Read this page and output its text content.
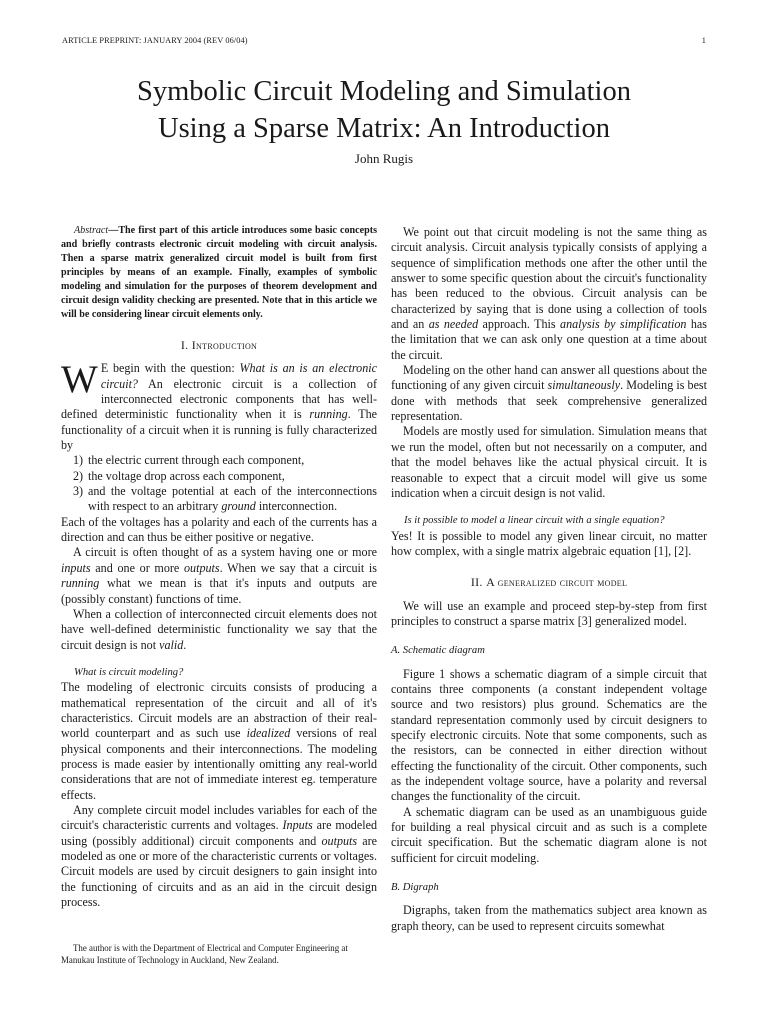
ARTICLE PREPRINT: JANUARY 2004 (REV 06/04)	1
Symbolic Circuit Modeling and Simulation
Using a Sparse Matrix: An Introduction
John Rugis

Abstract—The first part of this article introduces some basic concepts and briefly contrasts electronic circuit modeling with circuit analysis. Then a sparse matrix generalized circuit model is built from first principles by means of an example. Finally, examples of symbolic modeling and simulation for the purposes of theorem development and circuit design validity checking are presented. Note that in this article we will be considering linear circuit elements only.

I. Introduction

W E begin with the question: What is an is an electronic circuit? An electronic circuit is a collection of interconnected electronic components that has well-defined deterministic functionality when it is running. The functionality of a circuit when it is running is fully characterized by

1) the electric current through each component,
2) the voltage drop across each component,
3) and the voltage potential at each of the interconnections with respect to an arbitrary ground interconnection.

Each of the voltages has a polarity and each of the currents has a direction and can thus be either positive or negative.

A circuit is often thought of as a system having one or more inputs and one or more outputs. When we say that a circuit is running what we mean is that it's inputs and outputs are (possibly constant) functions of time.

When a collection of interconnected circuit elements does not have well-defined deterministic functionality we say that the circuit design is not valid.

What is circuit modeling?

The modeling of electronic circuits consists of producing a mathematical representation of the circuit and all of it's characteristics. Circuit models are an abstraction of their real-world counterpart and as such use idealized versions of real physical components and their interconnections. The modeling process is made easier by intentionally omitting any real-world considerations that are not of immediate interest eg. temperature effects.

Any complete circuit model includes variables for each of the circuit's characteristic currents and voltages. Inputs are modeled using (possibly additional) circuit components and outputs are modeled as one or more of the characteristic currents or voltages. Circuit models are used by circuit designers to gain insight into the functioning of circuits and as an aid in the circuit design process.

The author is with the Department of Electrical and Computer Engineering at Manukau Institute of Technology in Auckland, New Zealand.

We point out that circuit modeling is not the same thing as circuit analysis. Circuit analysis typically consists of applying a sequence of simplification methods one after the other until the answer to some specific question about the circuit's functionality has been reduced to the obvious. Circuit analysis can be characterized by saying that is done using a collection of tools and an as needed approach. This analysis by simplification has the limitation that we can ask only one question at a time about the circuit.

Modeling on the other hand can answer all questions about the functioning of any given circuit simultaneously. Modeling is best done with methods that seek comprehensive generalized representation.

Models are mostly used for simulation. Simulation means that we run the model, often but not necessarily on a computer, and that the model behaves like the actual physical circuit. It is reasonable to expect that a circuit model will give us some indication when a circuit design is not valid.

Is it possible to model a linear circuit with a single equation?

Yes! It is possible to model any given linear circuit, no matter how complex, with a single matrix algebraic equation [1], [2].

II. A generalized circuit model

We will use an example and proceed step-by-step from first principles to construct a sparse matrix [3] generalized model.

A. Schematic diagram

Figure 1 shows a schematic diagram of a simple circuit that contains three components (a constant independent voltage source and two resistors) plus ground. Schematics are the standard representation commonly used by circuit designers to specify electronic circuits. Note that some components, such as the resistors, can be connected in either direction without effecting the functionality of the circuit. Other components, such as the independent voltage source, have a polarity and reversal changes the functionality of the circuit.

A schematic diagram can be used as an unambiguous guide for building a real physical circuit and as such is a complete circuit specification. But the schematic diagram alone is not sufficient for circuit modeling.

B. Digraph

Digraphs, taken from the mathematics subject area known as graph theory, can be used to represent circuits somewhat
